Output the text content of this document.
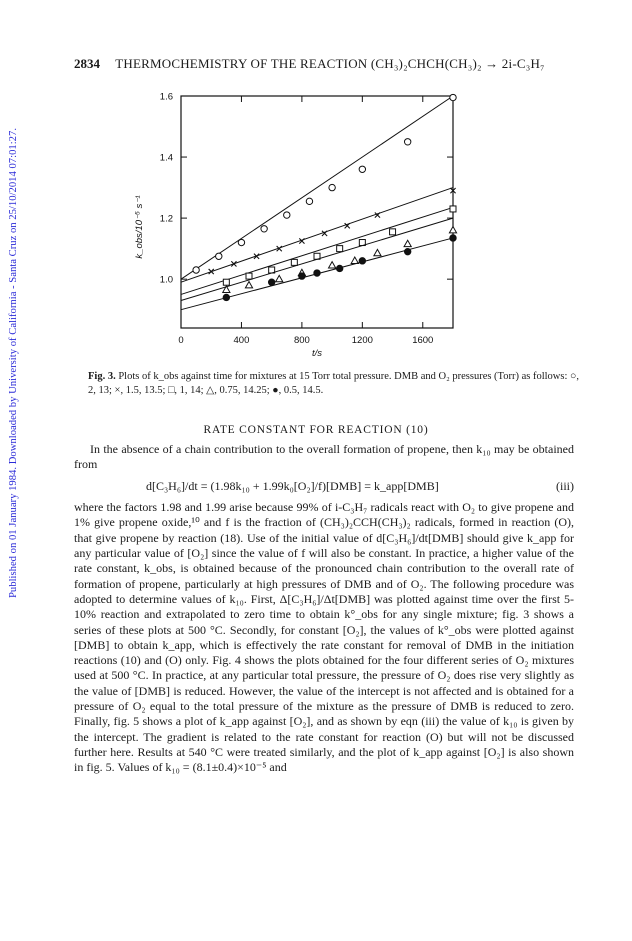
Published on 01 January 1984. Downloaded by University of California - Santa Cruz on 25/10/2014 07:01:27.
2834 THERMOCHEMISTRY OF THE REACTION (CH₃)₂CHCH(CH₃)₂ → 2i-C₃H₇
0	400	800	1200	1600
1.0
1.2
1.4
1.6
t/s
k_obs/10⁻⁵ s⁻¹
Fig. 3. Plots of k_obs against time for mixtures at 15 Torr total pressure. DMB and O₂ pressures (Torr) as follows: ○, 2, 13; ×, 1.5, 13.5; □, 1, 14; △, 0.75, 14.25; ●, 0.5, 14.5.
RATE CONSTANT FOR REACTION (10)

In the absence of a chain contribution to the overall formation of propene, then k₁₀ may be obtained from

d[C₃H₆]/dt = (1.98k₁₀ + 1.99k₀[O₂]/f)[DMB] = k_app[DMB]	(iii)

where the factors 1.98 and 1.99 arise because 99% of i-C₃H₇ radicals react with O₂ to give propene and 1% give propene oxide,¹⁰ and f is the fraction of (CH₃)₂CCH(CH₃)₂ radicals, formed in reaction (O), that give propene by reaction (18). Use of the initial value of d[C₃H₆]/dt[DMB] should give k_app for any particular value of [O₂] since the value of f will also be constant. In practice, a higher value of the rate constant, k_obs, is obtained because of the pronounced chain contribution to the overall rate of formation of propene, particularly at high pressures of DMB and of O₂. The following procedure was adopted to determine values of k₁₀. First, Δ[C₃H₆]/Δt[DMB] was plotted against time over the first 5-10% reaction and extrapolated to zero time to obtain k°_obs for any single mixture; fig. 3 shows a series of these plots at 500 °C. Secondly, for constant [O₂], the values of k°_obs were plotted against [DMB] to obtain k_app, which is effectively the rate constant for removal of DMB in the initiation reactions (10) and (O) only. Fig. 4 shows the plots obtained for the four different series of O₂ mixtures used at 500 °C. In practice, at any particular total pressure, the pressure of O₂ does rise very slightly as the value of [DMB] is reduced. However, the value of the intercept is not affected and is obtained for a pressure of O₂ equal to the total pressure of the mixture as the pressure of DMB is reduced to zero. Finally, fig. 5 shows a plot of k_app against [O₂], and as shown by eqn (iii) the value of k₁₀ is given by the intercept. The gradient is related to the rate constant for reaction (O) but will not be discussed further here. Results at 540 °C were treated similarly, and the plot of k_app against [O₂] is also shown in fig. 5. Values of k₁₀ = (8.1±0.4)×10⁻⁵ and
